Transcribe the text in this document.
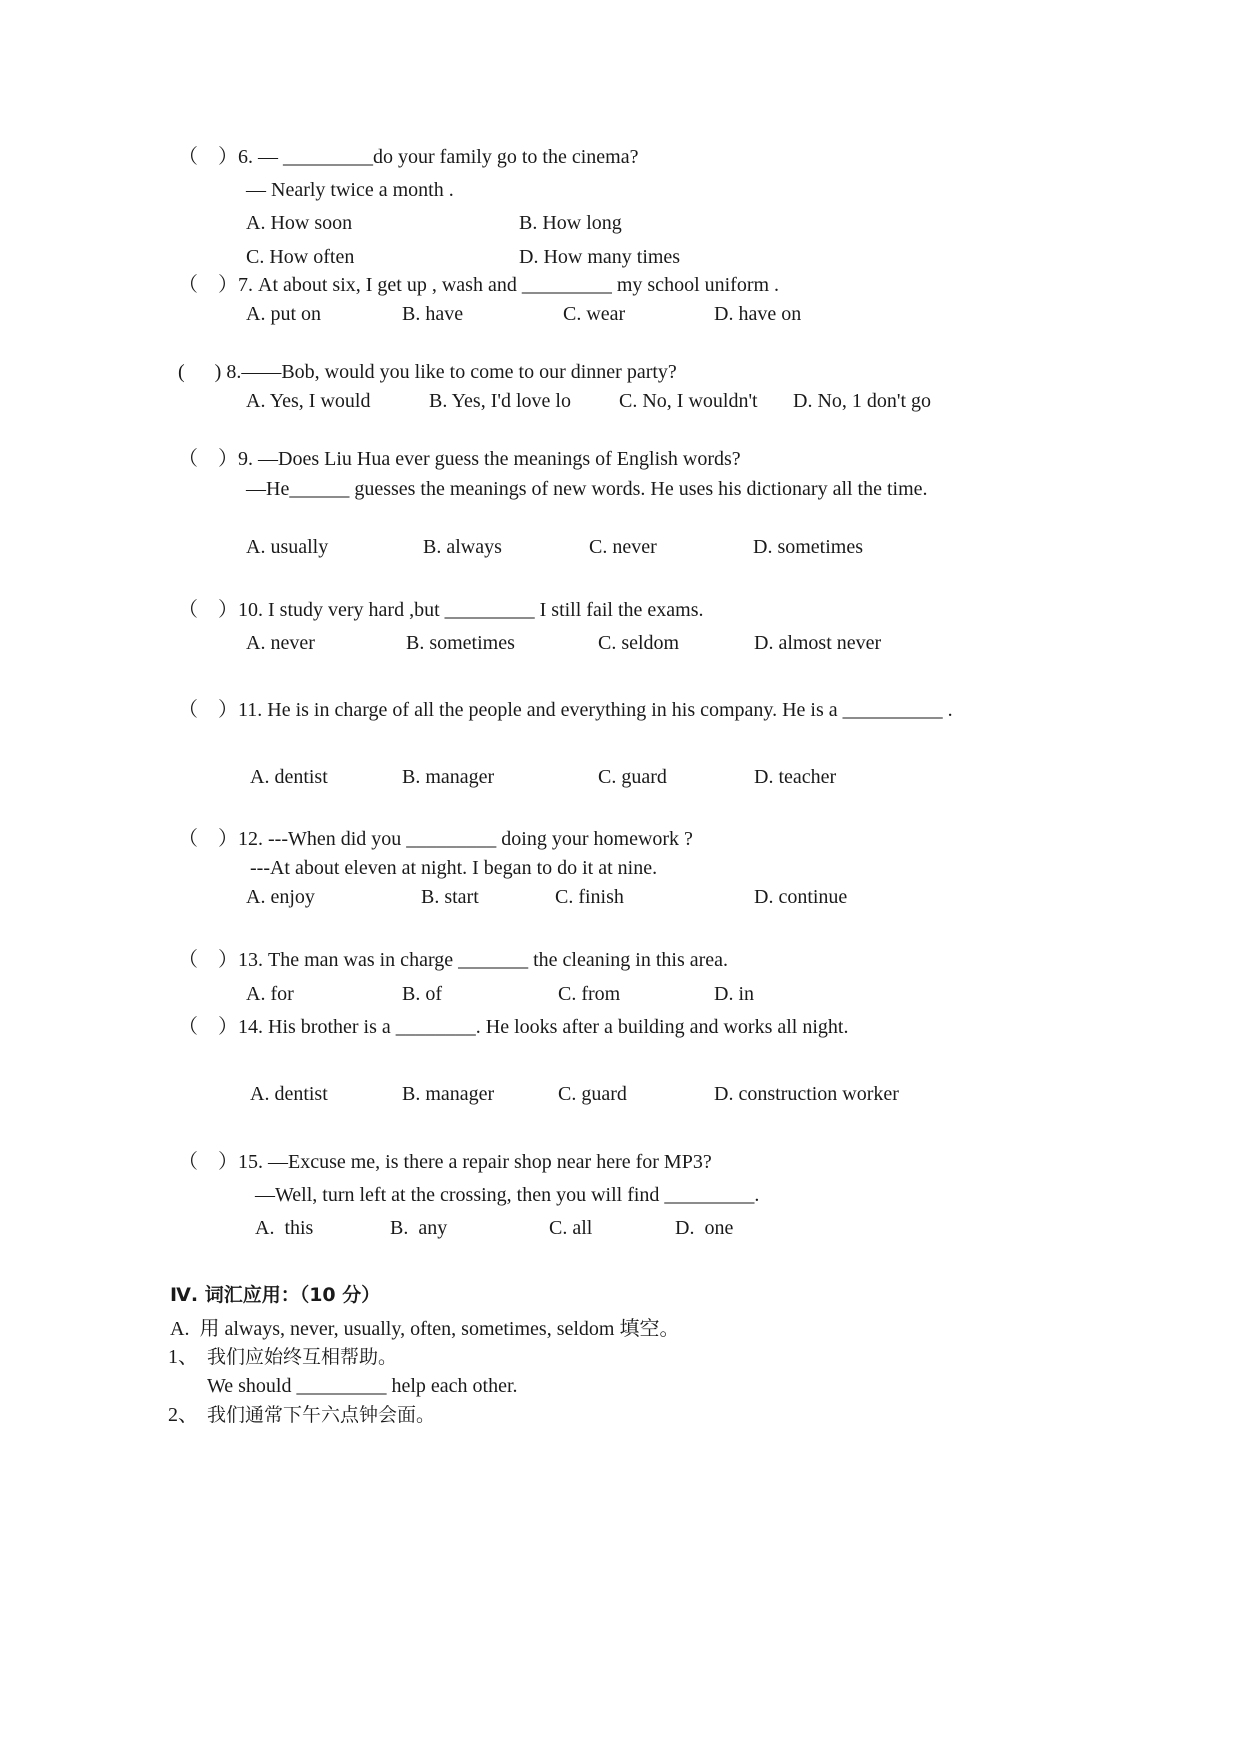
（    ）6. — _________do your family go to the cinema?
— Nearly twice a month .
A. How soon	B. How long
C. How often	D. How many times
（    ）7. At about six, I get up , wash and _________ my school uniform .
A. put on	B. have	C. wear	D. have on
(      ) 8.——Bob, would you like to come to our dinner party?
A. Yes, I would	B. Yes, I'd love lo C. No, I wouldn't D. No, 1 don't go
（    ）9. —Does Liu Hua ever guess the meanings of English words?
—He______ guesses the meanings of new words. He uses his dictionary all the time.
A. usually	B. always	C. never	D. sometimes
（    ）10. I study very hard ,but _________ I still fail the exams.
A. never	B. sometimes	C. seldom	D. almost never
（    ）11. He is in charge of all the people and everything in his company. He is a __________ .
A. dentist	B. manager	C. guard	D. teacher
（    ）12. ---When did you _________ doing your homework ?
---At about eleven at night. I began to do it at nine.
A. enjoy	B. start	C. finish	D. continue
（    ）13. The man was in charge _______ the cleaning in this area.
A. for	B. of	C. from	D. in
（    ）14. His brother is a ________. He looks after a building and works all night.
A. dentist	B. manager	C. guard	D. construction worker
（    ）15. —Excuse me, is there a repair shop near here for MP3?
—Well, turn left at the crossing, then you will find _________.
A.  this	B.  any	C. all	D.  one
Ⅳ. 词汇应用：（10 分）
A.  用 always, never, usually, often, sometimes, seldom 填空。
1、 我们应始终互相帮助。
We should _________ help each other.
2、 我们通常下午六点钟会面。
